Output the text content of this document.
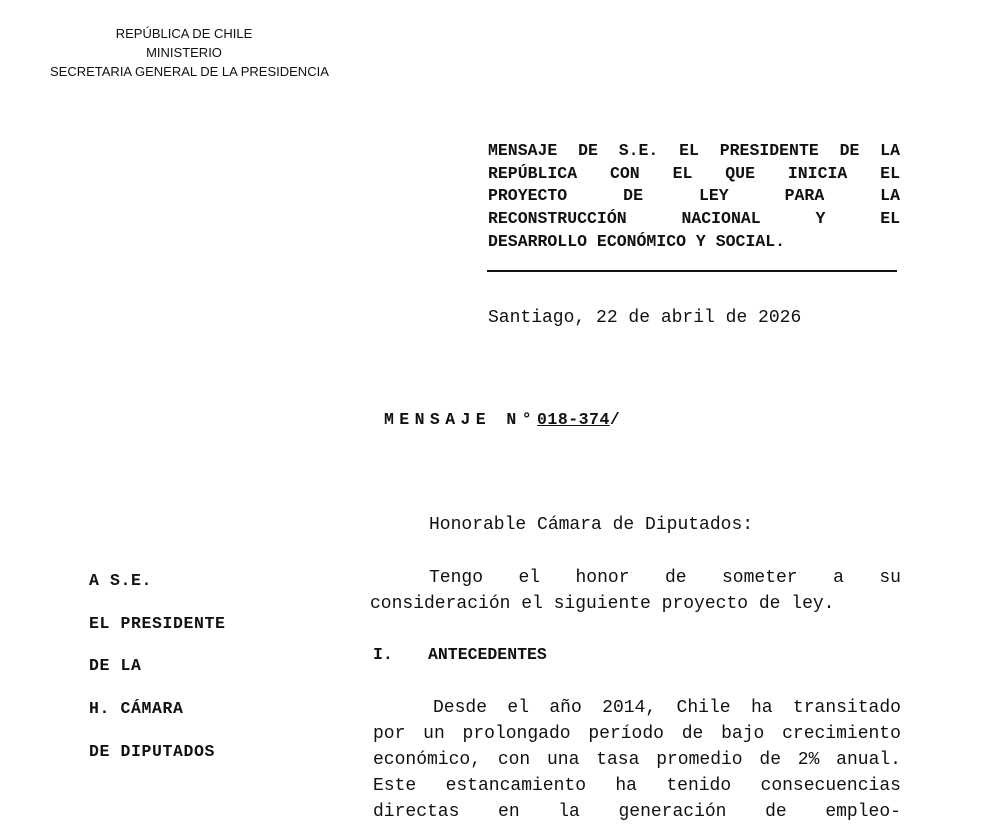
REPÚBLICA DE CHILE
MINISTERIO
SECRETARIA GENERAL DE LA PRESIDENCIA
MENSAJE DE S.E. EL PRESIDENTE DE LA
REPÚBLICA CON EL QUE INICIA EL
PROYECTO	DE	LEY	PARA	LA
RECONSTRUCCIÓN	NACIONAL	Y	EL
DESARROLLO ECONÓMICO Y SOCIAL.
Santiago, 22 de abril de 2026
MENSAJE N°018-374/
Honorable Cámara de Diputados:
A S.E.
EL PRESIDENTE
DE LA
H. CÁMARA
DE DIPUTADOS
Tengo el honor de someter a su
consideración el siguiente proyecto de ley.
I. ANTECEDENTES
Desde el año 2014, Chile ha transitado
por un prolongado período de bajo crecimiento
económico, con una tasa promedio de 2% anual.
Este estancamiento ha tenido consecuencias
directas en la generación de empleo-
